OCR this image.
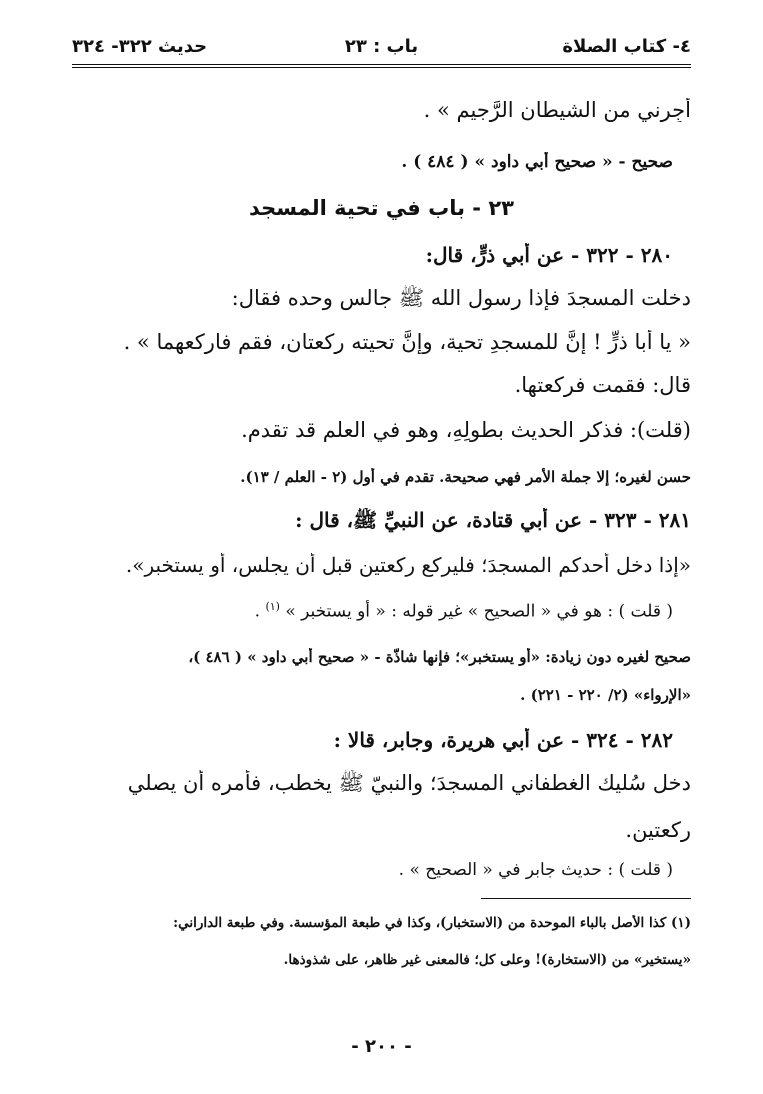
٤- كتاب الصلاة
باب : ٢٣
حديث ٣٢٢- ٣٢٤
أَجِرني من الشيطان الرَّجيم » .
صحيح - « صحيح أبي داود » ( ٤٨٤ ) .
٢٣ - باب في تحية المسجد
٢٨٠ - ٣٢٢ - عن أبي ذرٍّ، قال:
دخلت المسجدَ فإذا رسول الله ﷺ جالس وحده فقال:
« يا أبا ذرٍّ ! إنَّ للمسجدِ تحية، وإنَّ تحيته ركعتان، فقم فاركعهما » .
قال: فقمت فركعتها.
(قلت): فذكر الحديث بطولِهِ، وهو في العلم قد تقدم.
حسن لغيره؛ إلا جملة الأمر فهي صحيحة. تقدم في أول (٢ - العلم / ١٣).
٢٨١ - ٣٢٣ - عن أبي قتادة، عن النبيِّ ﷺ، قال :
«إذا دخل أحدكم المسجدَ؛ فليركع ركعتين قبل أن يجلس، أو يستخبر».
( قلت ) : هو في « الصحيح » غير قوله : « أو يستخبر » $^{(١)}$ .
صحيح لغيره دون زيادة: «أو يستخبر»؛ فإنها شاذّة - « صحيح أبي داود » ( ٤٨٦ )،
«الإرواء» (٢/ ٢٢٠ - ٢٢١) .
٢٨٢ - ٣٢٤ - عن أبي هريرة، وجابر، قالا :
دخل سُليك الغطفاني المسجدَ؛ والنبيّ ﷺ يخطب، فأمره أن يصلي
ركعتين.
( قلت ) : حديث جابر في « الصحيح » .
(١) كذا الأصل بالباء الموحدة من (الاستخبار)، وكذا في طبعة المؤسسة. وفي طبعة الداراني:
«يستخير» من (الاستخارة)! وعلى كل؛ فالمعنى غير ظاهر، على شذوذها.
- ٢٠٠ -
